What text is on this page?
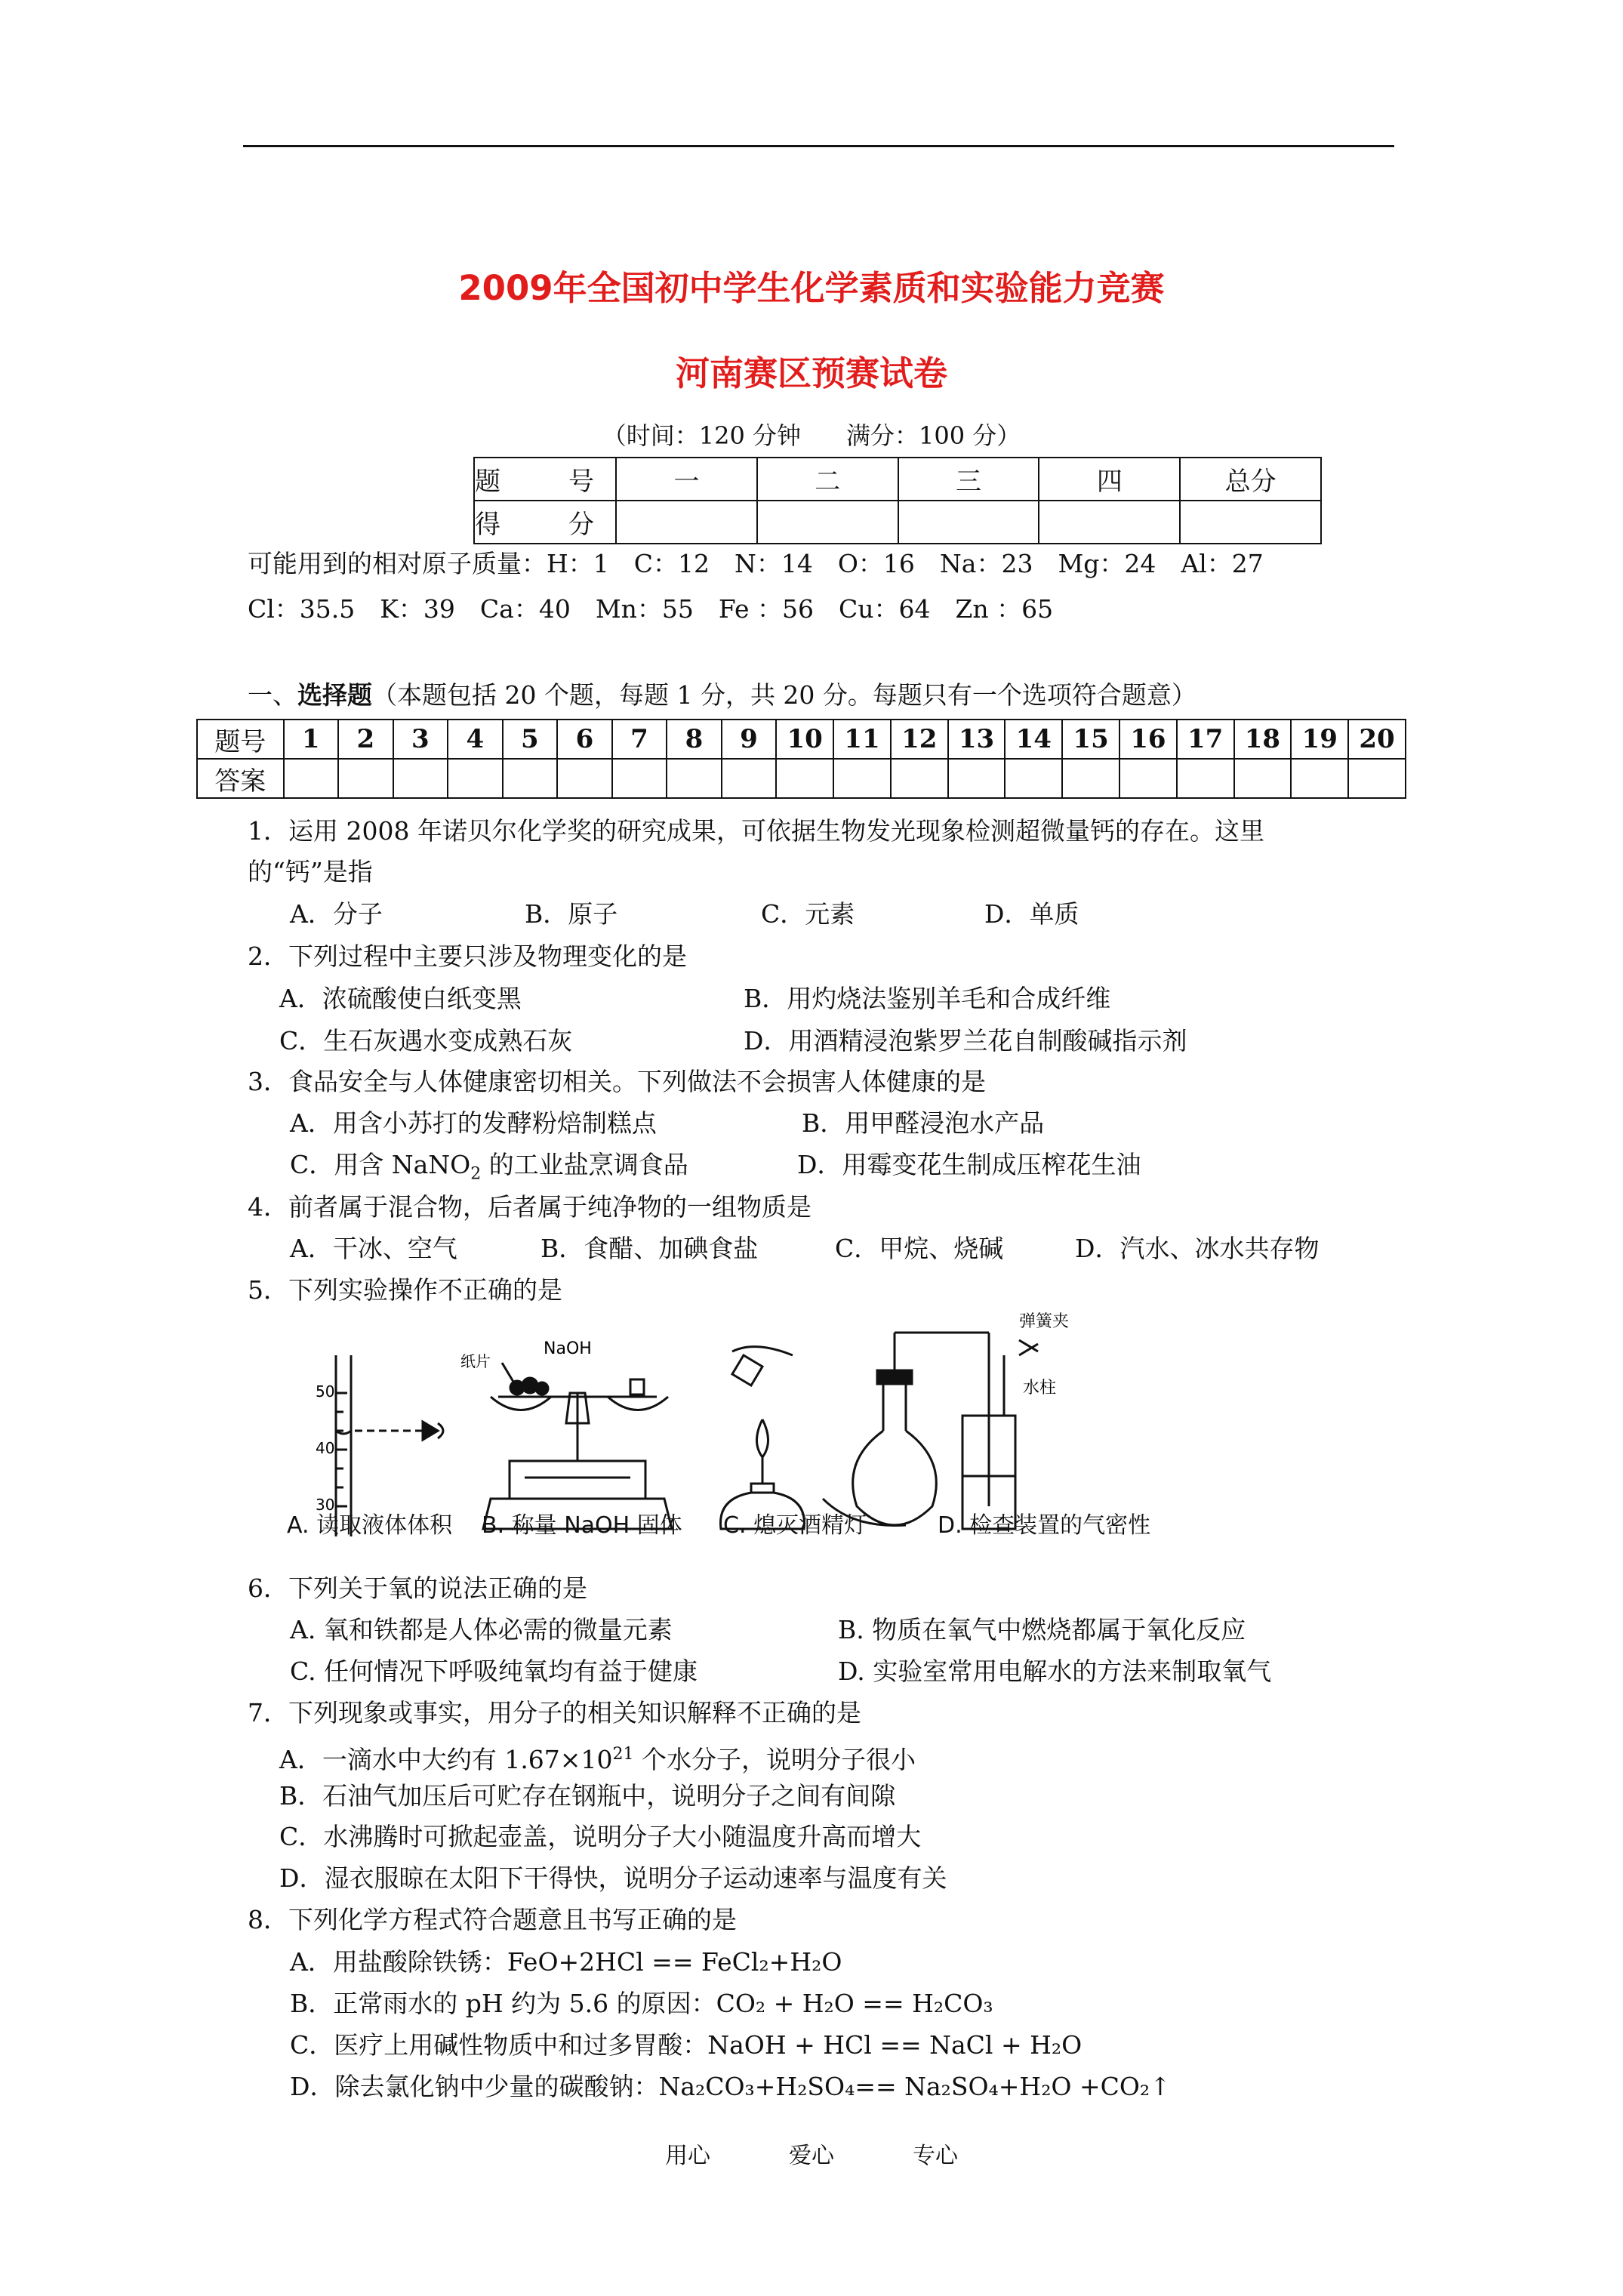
2009年全国初中学生化学素质和实验能力竞赛
河南赛区预赛试卷
（时间：120 分钟 满分：100 分）
题　号	一	二	三	四	总分
得　分					
可能用到的相对原子质量：H：1　C：12　N：14　O：16　Na：23　Mg：24　Al：27
Cl：35.5　K：39　Ca：40　Mn：55　Fe ：56　Cu：64　Zn ：65
一、选择题（本题包括 20 个题，每题 1 分，共 20 分。每题只有一个选项符合题意）
题号	1	2	3	4	5	6	7	8	9	10	11	12	13	14	15	16	17	18	19	20
答案																				
1．运用 2008 年诺贝尔化学奖的研究成果，可依据生物发光现象检测超微量钙的存在。这里
的“钙”是指
A．分子	B．原子	C．元素	D．单质
2．下列过程中主要只涉及物理变化的是
A．浓硫酸使白纸变黑	B．用灼烧法鉴别羊毛和合成纤维
C．生石灰遇水变成熟石灰	D．用酒精浸泡紫罗兰花自制酸碱指示剂
3．食品安全与人体健康密切相关。下列做法不会损害人体健康的是
A．用含小苏打的发酵粉焙制糕点	B．用甲醛浸泡水产品
C．用含 NaNO$_2$ 的工业盐烹调食品	D．用霉变花生制成压榨花生油
4．前者属于混合物，后者属于纯净物的一组物质是
A．干冰、空气	B．食醋、加碘食盐	C．甲烷、烧碱	D．汽水、冰水共存物
5．下列实验操作不正确的是
50
40
30
NaOH
纸片
弹簧夹
水柱
A. 读取液体体积 B. 称量 NaOH 固体 C. 熄灭酒精灯	D. 检查装置的气密性
6．下列关于氧的说法正确的是
A. 氧和铁都是人体必需的微量元素	B. 物质在氧气中燃烧都属于氧化反应
C. 任何情况下呼吸纯氧均有益于健康	D. 实验室常用电解水的方法来制取氧气
7．下列现象或事实，用分子的相关知识解释不正确的是
A．一滴水中大约有 $1.67\times 10^{21}$ 个水分子，说明分子很小
B．石油气加压后可贮存在钢瓶中，说明分子之间有间隙
C．水沸腾时可掀起壶盖，说明分子大小随温度升高而增大
D．湿衣服晾在太阳下干得快，说明分子运动速率与温度有关
8．下列化学方程式符合题意且书写正确的是
A．用盐酸除铁锈：FeO+2HCl == FeCl₂+H₂O
B．正常雨水的 pH 约为 5.6 的原因：CO₂ + H₂O == H₂CO₃
C．医疗上用碱性物质中和过多胃酸：NaOH + HCl == NaCl + H₂O
D．除去氯化钠中少量的碳酸钠：Na₂CO₃+H₂SO₄== Na₂SO₄+H₂O +CO₂↑
用心	爱心	专心
